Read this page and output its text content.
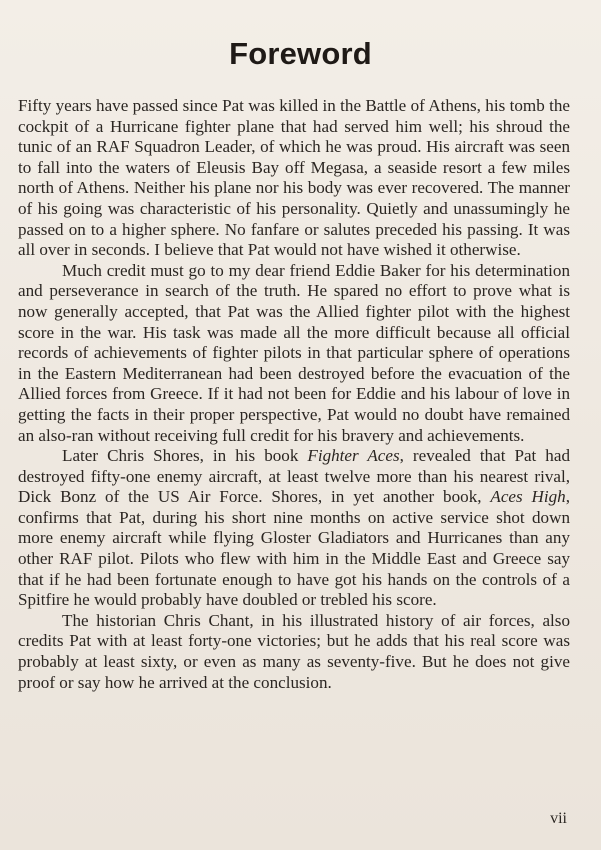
Foreword

Fifty years have passed since Pat was killed in the Battle of Athens, his tomb the cockpit of a Hurricane fighter plane that had served him well; his shroud the tunic of an RAF Squadron Leader, of which he was proud. His aircraft was seen to fall into the waters of Eleusis Bay off Megasa, a seaside resort a few miles north of Athens. Neither his plane nor his body was ever recovered. The manner of his going was characteristic of his personality. Quietly and unassumingly he passed on to a higher sphere. No fanfare or salutes preceded his passing. It was all over in seconds. I believe that Pat would not have wished it otherwise.

Much credit must go to my dear friend Eddie Baker for his determination and perseverance in search of the truth. He spared no effort to prove what is now generally accepted, that Pat was the Allied fighter pilot with the highest score in the war. His task was made all the more difficult because all official records of achievements of fighter pilots in that particular sphere of operations in the Eastern Mediterranean had been destroyed before the evacuation of the Allied forces from Greece. If it had not been for Eddie and his labour of love in getting the facts in their proper perspective, Pat would no doubt have remained an also-ran without receiving full credit for his bravery and achievements.

Later Chris Shores, in his book Fighter Aces, revealed that Pat had destroyed fifty-one enemy aircraft, at least twelve more than his nearest rival, Dick Bonz of the US Air Force. Shores, in yet another book, Aces High, confirms that Pat, during his short nine months on active service shot down more enemy aircraft while flying Gloster Gladiators and Hurricanes than any other RAF pilot. Pilots who flew with him in the Middle East and Greece say that if he had been fortunate enough to have got his hands on the controls of a Spitfire he would probably have doubled or trebled his score.

The historian Chris Chant, in his illustrated history of air forces, also credits Pat with at least forty-one victories; but he adds that his real score was probably at least sixty, or even as many as seventy-five. But he does not give proof or say how he arrived at the conclusion.

vii
